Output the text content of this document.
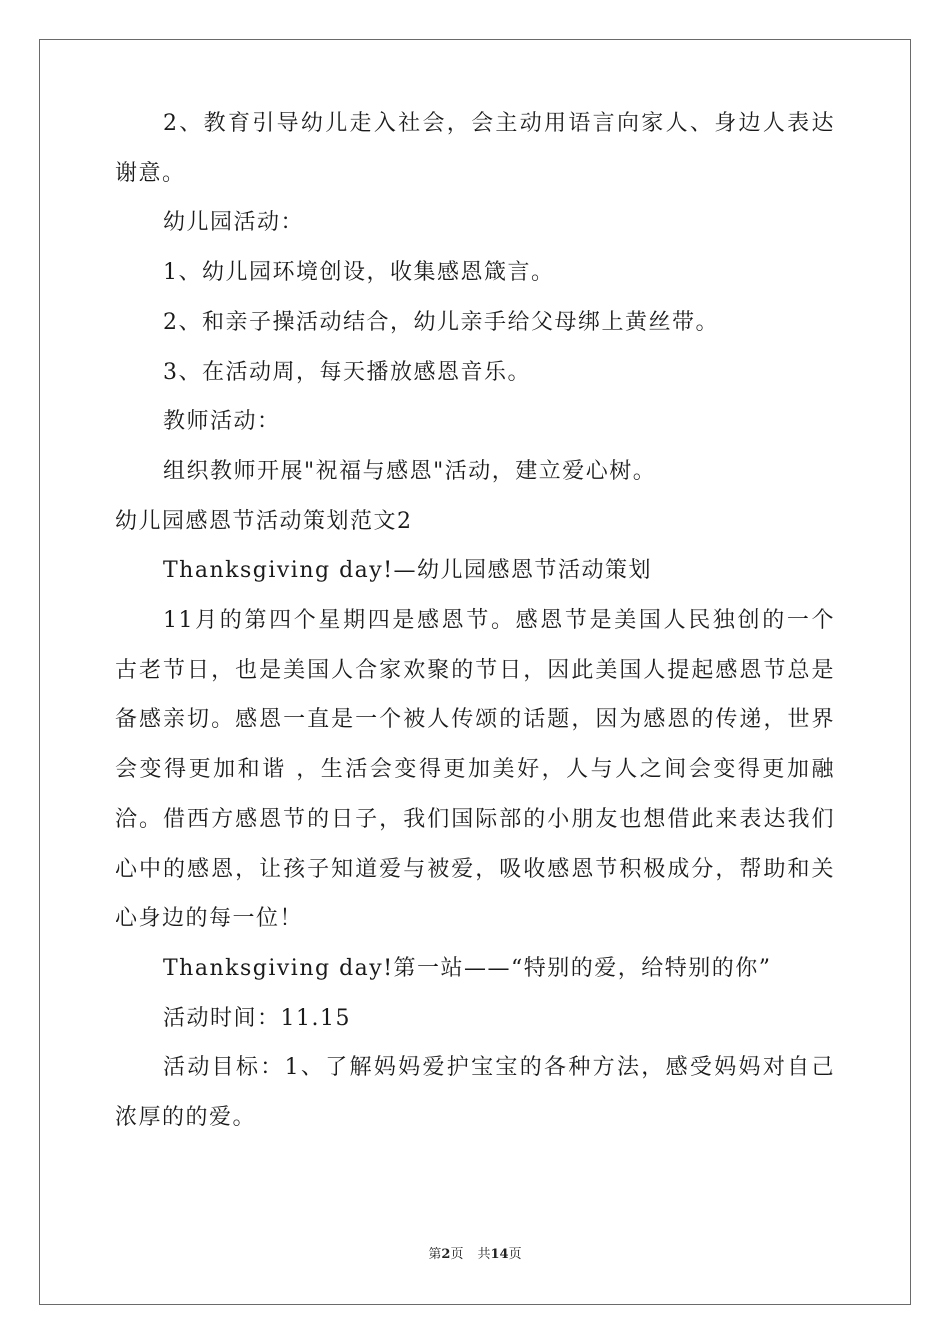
2、教育引导幼儿走入社会，会主动用语言向家人、身边人表达
谢意。
幼儿园活动：
1、幼儿园环境创设，收集感恩箴言。
2、和亲子操活动结合，幼儿亲手给父母绑上黄丝带。
3、在活动周，每天播放感恩音乐。
教师活动：
组织教师开展"祝福与感恩"活动，建立爱心树。
幼儿园感恩节活动策划范文2
Thanksgiving day!—幼儿园感恩节活动策划
11月的第四个星期四是感恩节。感恩节是美国人民独创的一个
古老节日，也是美国人合家欢聚的节日，因此美国人提起感恩节总是
备感亲切。感恩一直是一个被人传颂的话题，因为感恩的传递，世界
会变得更加和谐 ，生活会变得更加美好，人与人之间会变得更加融
洽。借西方感恩节的日子，我们国际部的小朋友也想借此来表达我们
心中的感恩，让孩子知道爱与被爱，吸收感恩节积极成分，帮助和关
心身边的每一位！
Thanksgiving day!第一站——“特别的爱，给特别的你”
活动时间：11.15
活动目标：1、了解妈妈爱护宝宝的各种方法，感受妈妈对自己
浓厚的的爱。
第2页 共14页
